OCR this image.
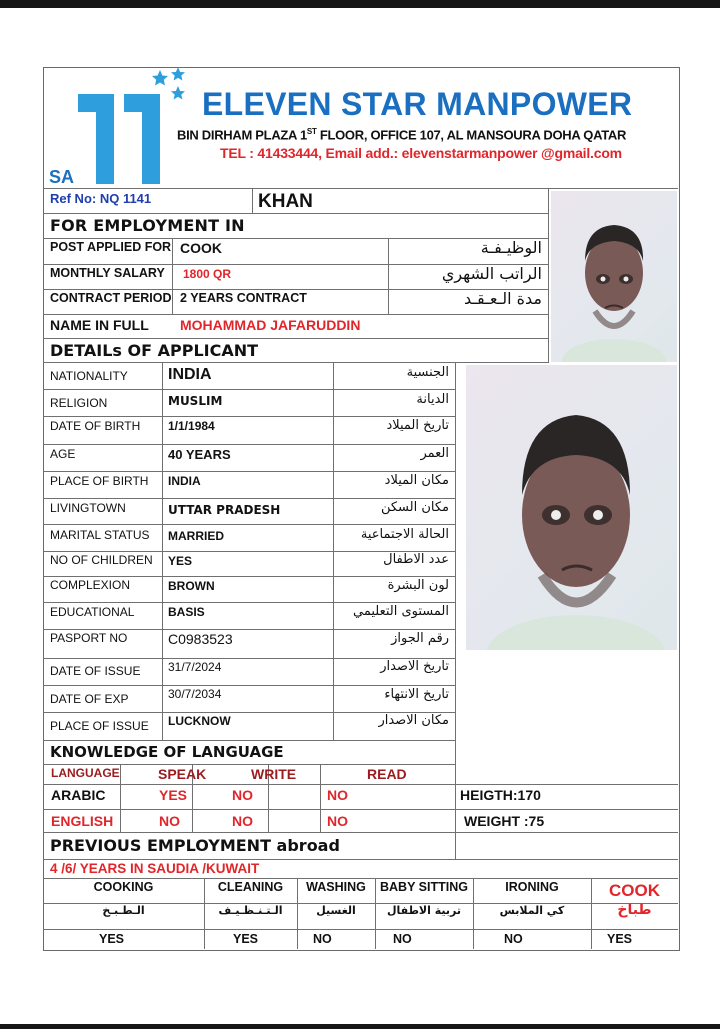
SA
ELEVEN STAR MANPOWER
BIN DIRHAM PLAZA 1ST FLOOR, OFFICE 107, AL MANSOURA DOHA QATAR
TEL : 41433444, Email add.: elevenstarmanpower @gmail.com
Ref No: NQ 1141	KHAN
FOR EMPLOYMENT IN
POST APPLIED FOR COOK	الوظيـفـة
MONTHLY SALARY 1800 QR	الراتب الشهري
CONTRACT PERIOD 2 YEARS CONTRACT	مدة الـعـقـد
NAME IN FULL MOHAMMAD JAFARUDDIN
DETAILs OF APPLICANT
NATIONALITY	INDIA	الجنسية
RELIGION	MUSLIM	الديانة
DATE OF BIRTH 1/1/1984	تاريخ الميلاد
AGE	40 YEARS	العمر
PLACE OF BIRTH INDIA	مكان الميلاد
LIVINGTOWN	UTTAR PRADESH	مكان السكن
MARITAL STATUS MARRIED	الحالة الاجتماعية
NO OF CHILDREN YES	عدد الاطفال
COMPLEXION	BROWN	لون البشرة
EDUCATIONAL	BASIS	المستوى التعليمي
PASPORT NO	C0983523	رقم الجواز
DATE OF ISSUE 31/7/2024	تاريخ الاصدار
DATE OF EXP	30/7/2034	تاريخ الانتهاء
PLACE OF ISSUE LUCKNOW	مكان الاصدار
KNOWLEDGE OF LANGUAGE
LANGUAGE	SPEAK	WRITE	READ
ARABIC	YES	NO	NO
ENGLISH	NO	NO	NO
HEIGTH:170
WEIGHT :75
PREVIOUS EMPLOYMENT abroad
4 /6/ YEARS IN SAUDIA /KUWAIT
COOKING	CLEANING	WASHING	BABY SITTING	IRONING	COOK
الـطـبـخ	الـتـنـظـيـف	الغسيل	تربية الاطفال	كي الملابس	طباخ
YES	YES	NO	NO	NO	YES
